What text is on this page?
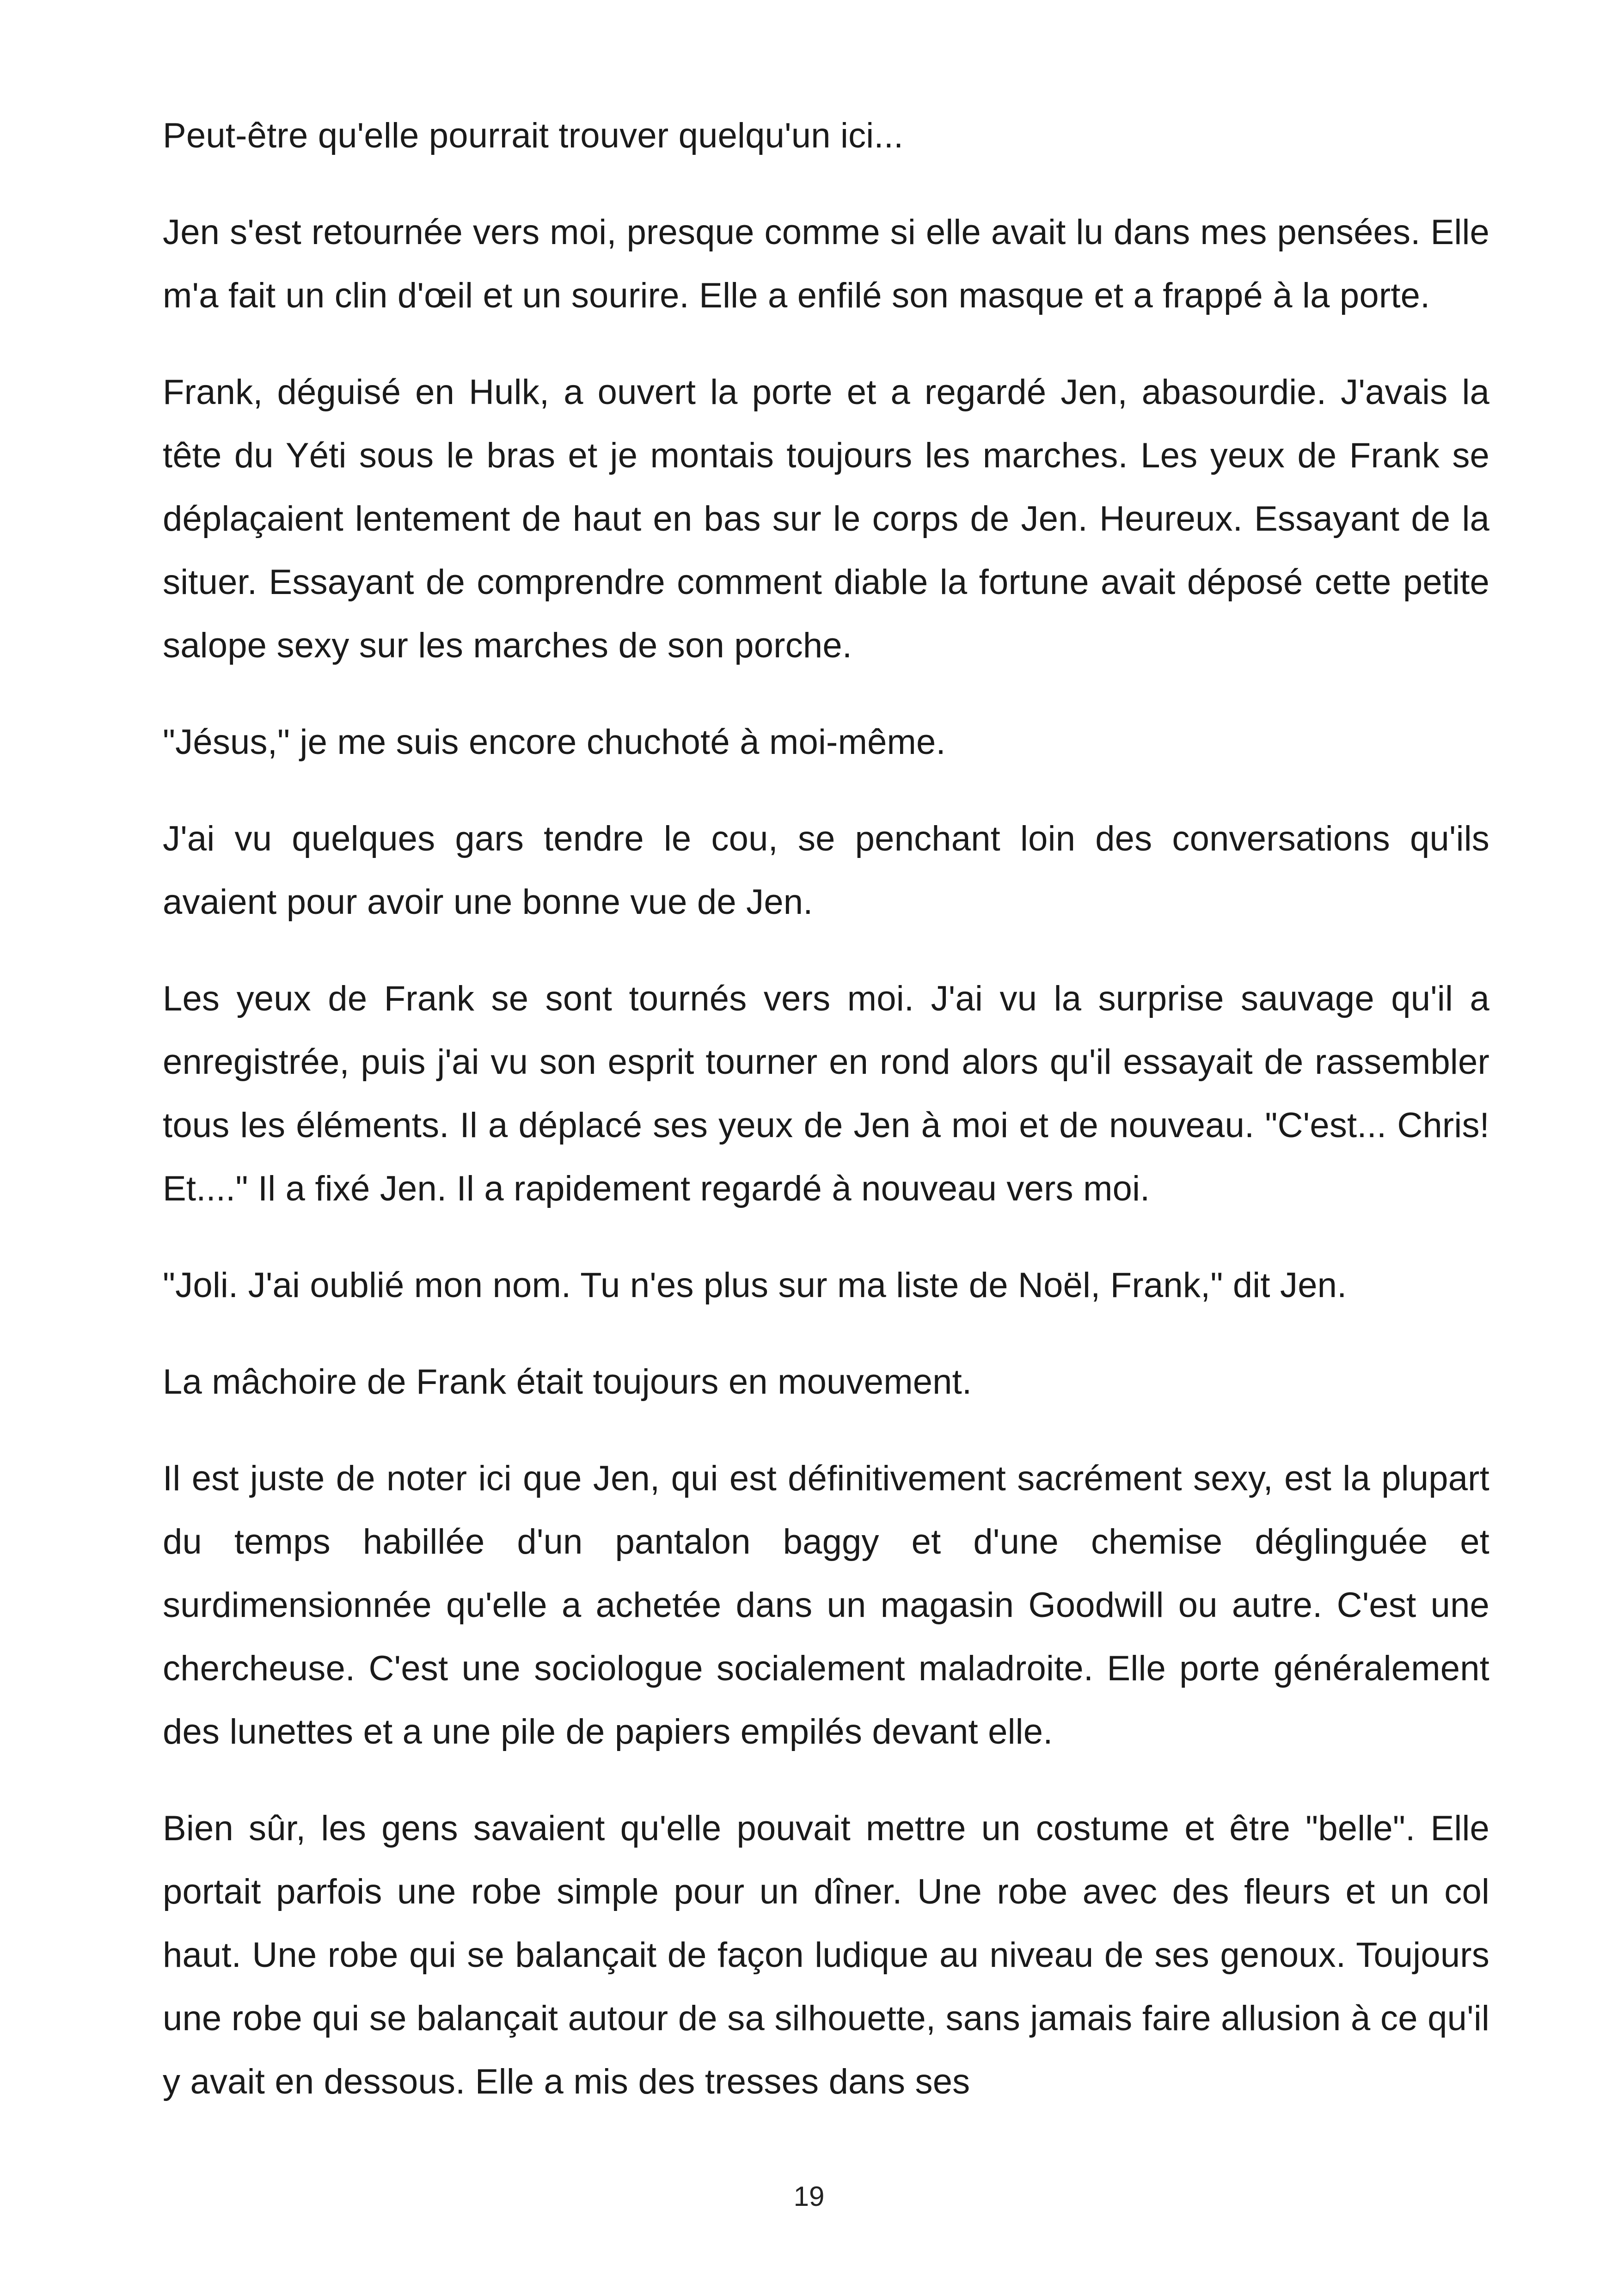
Peut-être qu'elle pourrait trouver quelqu'un ici...

Jen s'est retournée vers moi, presque comme si elle avait lu dans mes pensées. Elle m'a fait un clin d'œil et un sourire. Elle a enfilé son masque et a frappé à la porte.

Frank, déguisé en Hulk, a ouvert la porte et a regardé Jen, abasourdie. J'avais la tête du Yéti sous le bras et je montais toujours les marches. Les yeux de Frank se déplaçaient lentement de haut en bas sur le corps de Jen. Heureux. Essayant de la situer. Essayant de comprendre comment diable la fortune avait déposé cette petite salope sexy sur les marches de son porche.

"Jésus," je me suis encore chuchoté à moi-même.

J'ai vu quelques gars tendre le cou, se penchant loin des conversations qu'ils avaient pour avoir une bonne vue de Jen.

Les yeux de Frank se sont tournés vers moi. J'ai vu la surprise sauvage qu'il a enregistrée, puis j'ai vu son esprit tourner en rond alors qu'il essayait de rassembler tous les éléments. Il a déplacé ses yeux de Jen à moi et de nouveau. "C'est... Chris! Et...." Il a fixé Jen. Il a rapidement regardé à nouveau vers moi.

"Joli. J'ai oublié mon nom. Tu n'es plus sur ma liste de Noël, Frank," dit Jen.

La mâchoire de Frank était toujours en mouvement.

Il est juste de noter ici que Jen, qui est définitivement sacrément sexy, est la plupart du temps habillée d'un pantalon baggy et d'une chemise déglinguée et surdimensionnée qu'elle a achetée dans un magasin Goodwill ou autre. C'est une chercheuse. C'est une sociologue socialement maladroite. Elle porte généralement des lunettes et a une pile de papiers empilés devant elle.

Bien sûr, les gens savaient qu'elle pouvait mettre un costume et être "belle". Elle portait parfois une robe simple pour un dîner. Une robe avec des fleurs et un col haut. Une robe qui se balançait de façon ludique au niveau de ses genoux. Toujours une robe qui se balançait autour de sa silhouette, sans jamais faire allusion à ce qu'il y avait en dessous. Elle a mis des tresses dans ses

19
